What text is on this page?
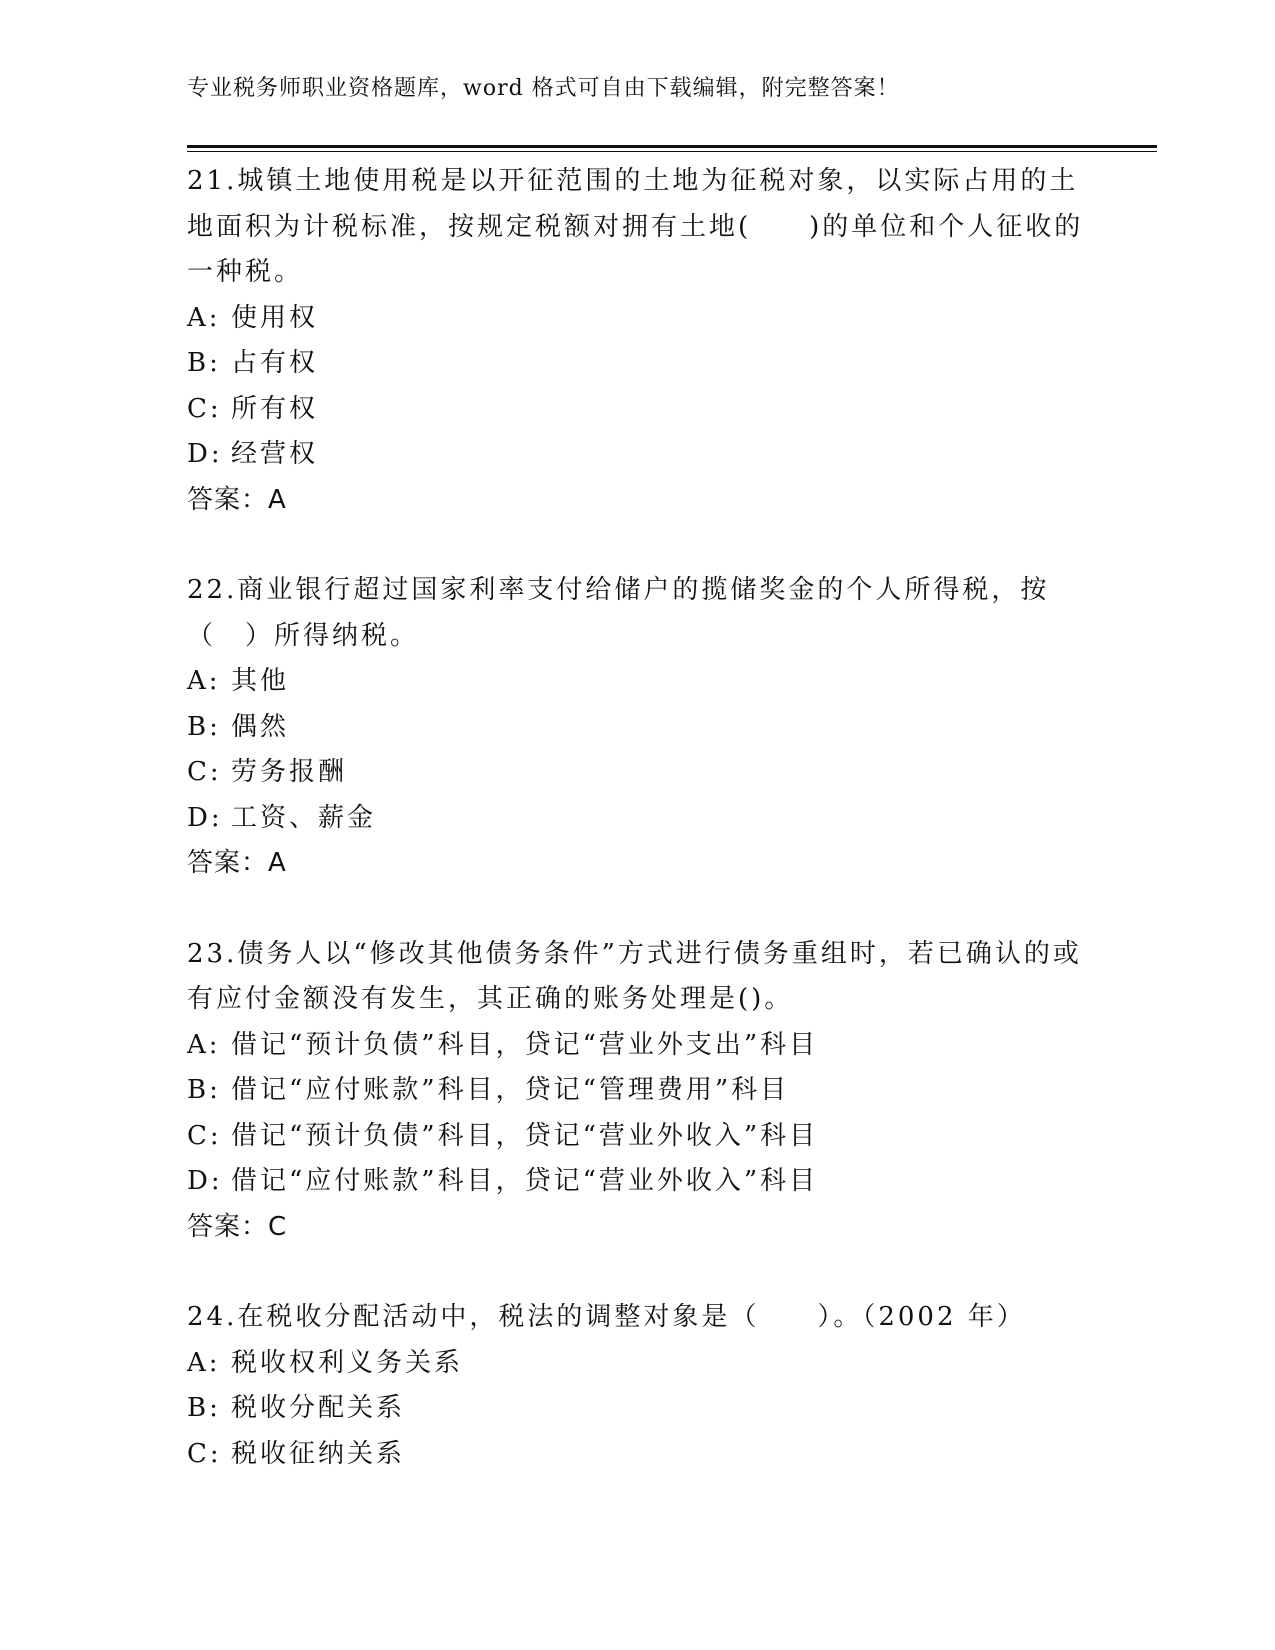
专业税务师职业资格题库，word 格式可自由下载编辑，附完整答案！
21.城镇土地使用税是以开征范围的土地为征税对象，以实际占用的土地面积为计税标准，按规定税额对拥有土地(　　)的单位和个人征收的一种税。
A: 使用权
B: 占有权
C: 所有权
D: 经营权
答案：A
22.商业银行超过国家利率支付给储户的揽储奖金的个人所得税，按（　）所得纳税。
A: 其他
B: 偶然
C: 劳务报酬
D: 工资、薪金
答案：A
23.债务人以“修改其他债务条件”方式进行债务重组时，若已确认的或有应付金额没有发生，其正确的账务处理是()。
A: 借记“预计负债”科目，贷记“营业外支出”科目
B: 借记“应付账款”科目，贷记“管理费用”科目
C: 借记“预计负债”科目，贷记“营业外收入”科目
D: 借记“应付账款”科目，贷记“营业外收入”科目
答案：C
24.在税收分配活动中，税法的调整对象是（　　）。（2002 年）
A: 税收权利义务关系
B: 税收分配关系
C: 税收征纳关系
